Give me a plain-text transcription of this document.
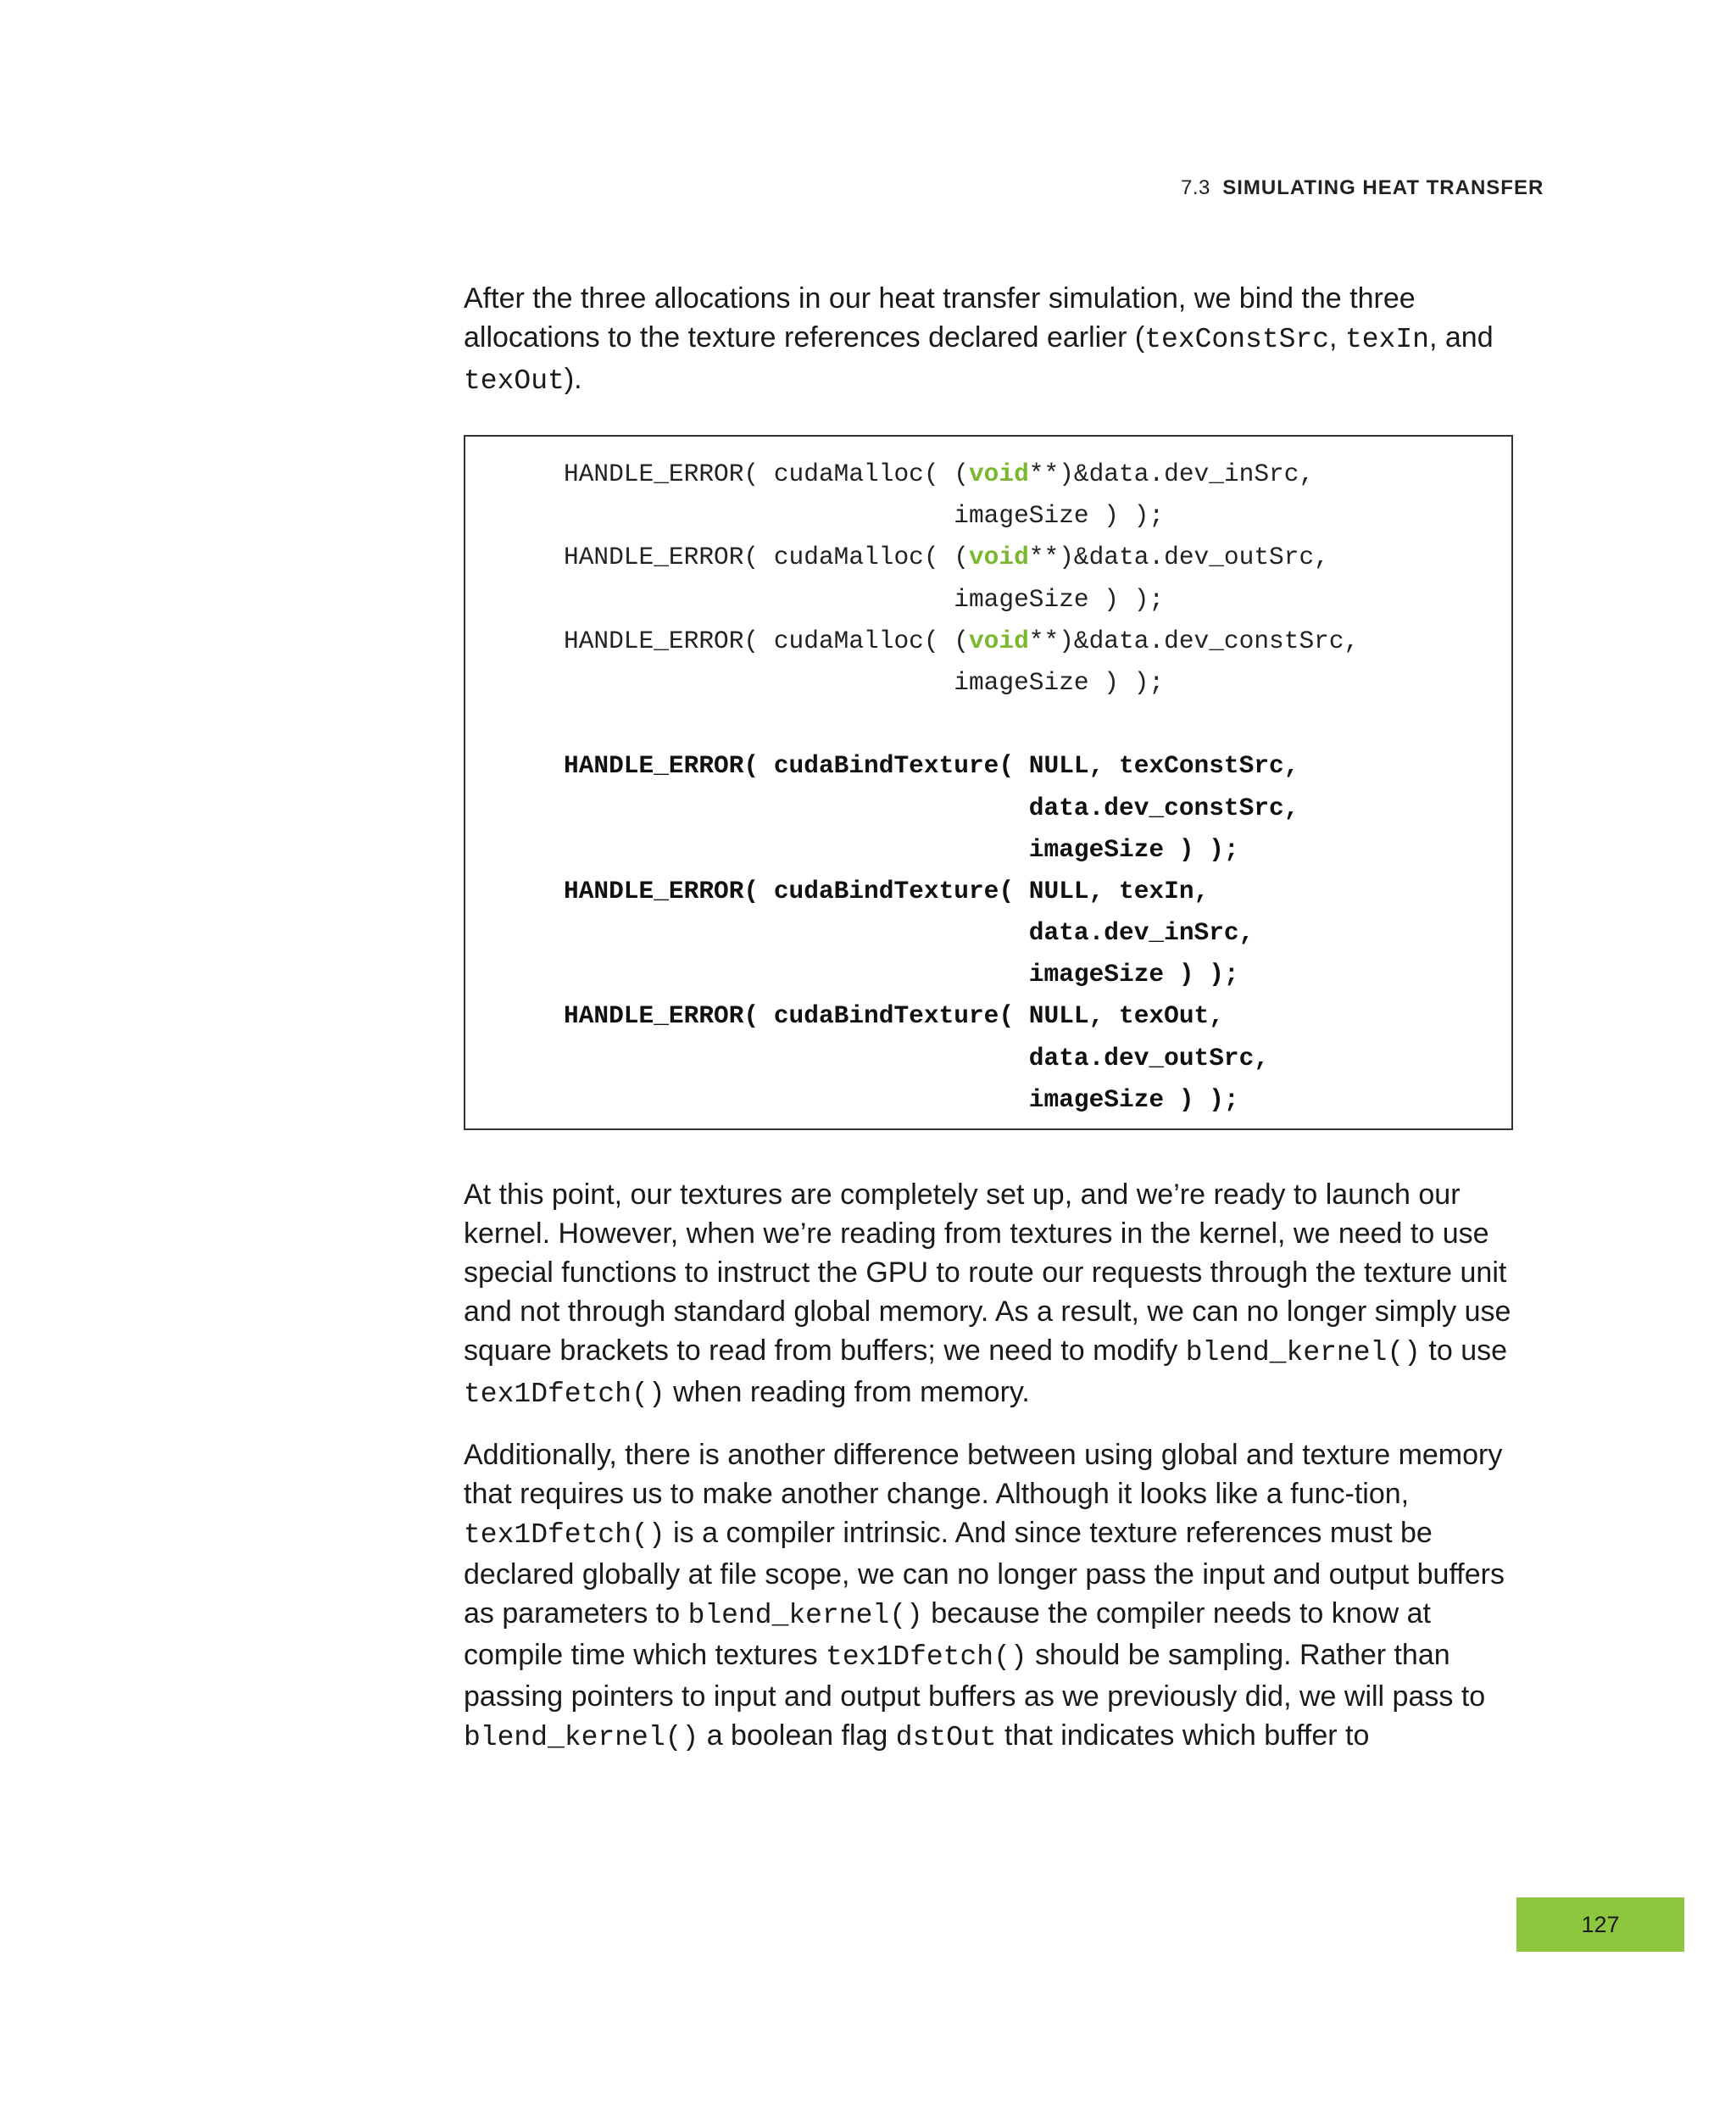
7.3 SIMULATING HEAT TRANSFER

After the three allocations in our heat transfer simulation, we bind the three allocations to the texture references declared earlier (texConstSrc, texIn, and texOut).

HANDLE_ERROR( cudaMalloc( (void**)&data.dev_inSrc,
imageSize ) );
HANDLE_ERROR( cudaMalloc( (void**)&data.dev_outSrc,
imageSize ) );
HANDLE_ERROR( cudaMalloc( (void**)&data.dev_constSrc,
imageSize ) );
HANDLE_ERROR( cudaBindTexture( NULL, texConstSrc,
data.dev_constSrc,
imageSize ) );
HANDLE_ERROR( cudaBindTexture( NULL, texIn,
data.dev_inSrc,
imageSize ) );
HANDLE_ERROR( cudaBindTexture( NULL, texOut,
data.dev_outSrc,
imageSize ) );

At this point, our textures are completely set up, and we’re ready to launch our kernel. However, when we’re reading from textures in the kernel, we need to use special functions to instruct the GPU to route our requests through the texture unit and not through standard global memory. As a result, we can no longer simply use square brackets to read from buffers; we need to modify blend_kernel() to use tex1Dfetch() when reading from memory.

Additionally, there is another difference between using global and texture memory that requires us to make another change. Although it looks like a func-tion, tex1Dfetch() is a compiler intrinsic. And since texture references must be declared globally at file scope, we can no longer pass the input and output buffers as parameters to blend_kernel() because the compiler needs to know at compile time which textures tex1Dfetch() should be sampling. Rather than passing pointers to input and output buffers as we previously did, we will pass to blend_kernel() a boolean flag dstOut that indicates which buffer to

127
